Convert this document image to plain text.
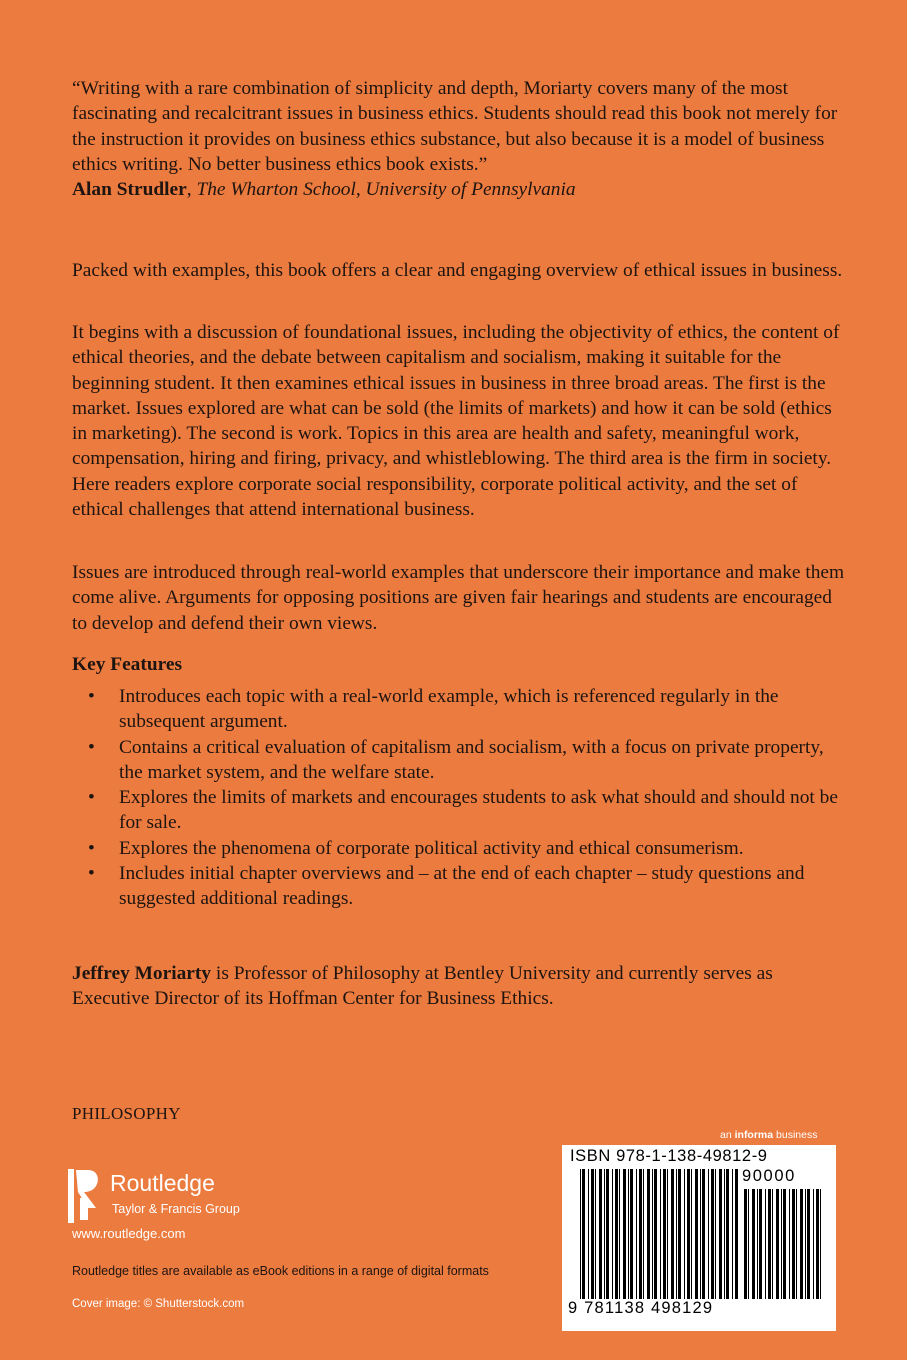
“Writing with a rare combination of simplicity and depth, Moriarty covers many of the most fascinating and recalcitrant issues in business ethics. Students should read this book not merely for the instruction it provides on business ethics substance, but also because it is a model of business ethics writing. No better business ethics book exists.”
Alan Strudler, The Wharton School, University of Pennsylvania

Packed with examples, this book offers a clear and engaging overview of ethical issues in business.

It begins with a discussion of foundational issues, including the objectivity of ethics, the content of ethical theories, and the debate between capitalism and socialism, making it suitable for the beginning student. It then examines ethical issues in business in three broad areas. The first is the market. Issues explored are what can be sold (the limits of markets) and how it can be sold (ethics in marketing). The second is work. Topics in this area are health and safety, meaningful work, compensation, hiring and firing, privacy, and whistleblowing. The third area is the firm in society. Here readers explore corporate social responsibility, corporate political activity, and the set of ethical challenges that attend international business.

Issues are introduced through real-world examples that underscore their importance and make them come alive. Arguments for opposing positions are given fair hearings and students are encouraged to develop and defend their own views.

Key Features

• Introduces each topic with a real-world example, which is referenced regularly in the subsequent argument.
• Contains a critical evaluation of capitalism and socialism, with a focus on private property, the market system, and the welfare state.
• Explores the limits of markets and encourages students to ask what should and should not be for sale.
• Explores the phenomena of corporate political activity and ethical consumerism.
• Includes initial chapter overviews and – at the end of each chapter – study questions and suggested additional readings.

Jeffrey Moriarty is Professor of Philosophy at Bentley University and currently serves as Executive Director of its Hoffman Center for Business Ethics.

PHILOSOPHY

Routledge
Taylor & Francis Group
www.routledge.com
Routledge titles are available as eBook editions in a range of digital formats
Cover image: © Shutterstock.com
an informa business
ISBN 978-1-138-49812-9
90000
9 781138 498129
